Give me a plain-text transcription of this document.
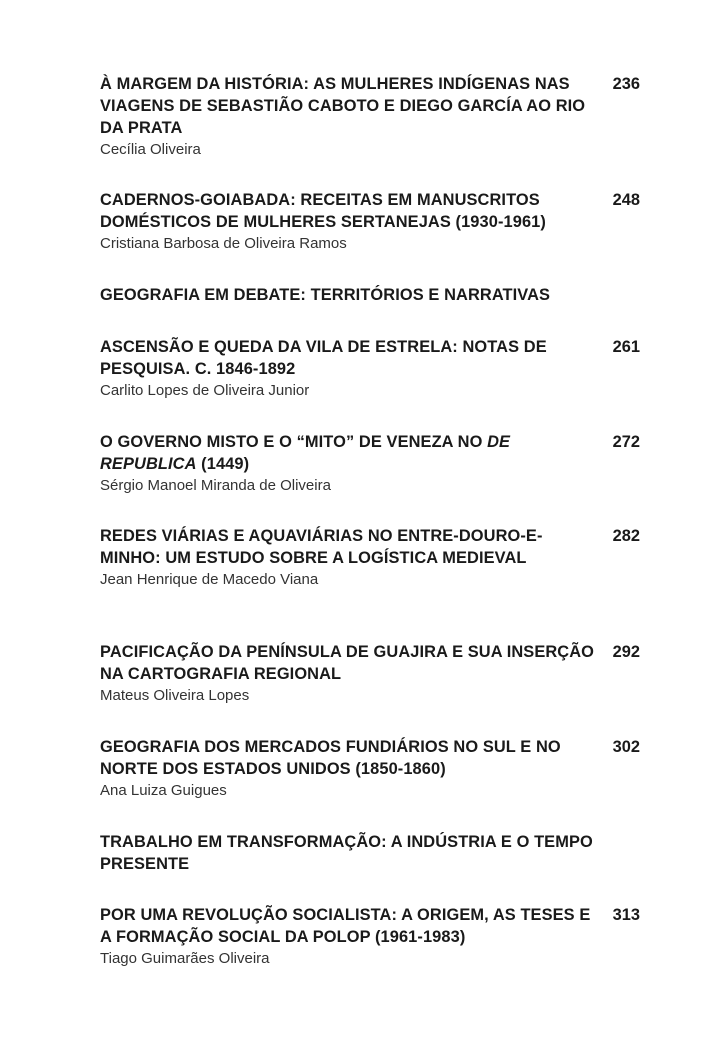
À MARGEM DA HISTÓRIA: AS MULHERES INDÍGENAS NAS VIAGENS DE SEBASTIÃO CABOTO E DIEGO GARCÍA AO RIO DA PRATA
236
Cecília Oliveira
CADERNOS-GOIABADA: RECEITAS EM MANUSCRITOS DOMÉSTICOS DE MULHERES SERTANEJAS (1930-1961)
248
Cristiana Barbosa de Oliveira Ramos
GEOGRAFIA EM DEBATE: TERRITÓRIOS E NARRATIVAS
ASCENSÃO E QUEDA DA VILA DE ESTRELA: NOTAS DE PESQUISA. C. 1846-1892
261
Carlito Lopes de Oliveira Junior
O GOVERNO MISTO E O “MITO” DE VENEZA NO DE REPUBLICA (1449)
272
Sérgio Manoel Miranda de Oliveira
REDES VIÁRIAS E AQUAVIÁRIAS NO ENTRE-DOURO-E-MINHO: UM ESTUDO SOBRE A LOGÍSTICA MEDIEVAL
282
Jean Henrique de Macedo Viana
PACIFICAÇÃO DA PENÍNSULA DE GUAJIRA E SUA INSERÇÃO NA CARTOGRAFIA REGIONAL
292
Mateus Oliveira Lopes
GEOGRAFIA DOS MERCADOS FUNDIÁRIOS NO SUL E NO NORTE DOS ESTADOS UNIDOS (1850-1860)
302
Ana Luiza Guigues
TRABALHO EM TRANSFORMAÇÃO: A INDÚSTRIA E O TEMPO PRESENTE
POR UMA REVOLUÇÃO SOCIALISTA: A ORIGEM, AS TESES E A FORMAÇÃO SOCIAL DA POLOP (1961-1983)
313
Tiago Guimarães Oliveira
